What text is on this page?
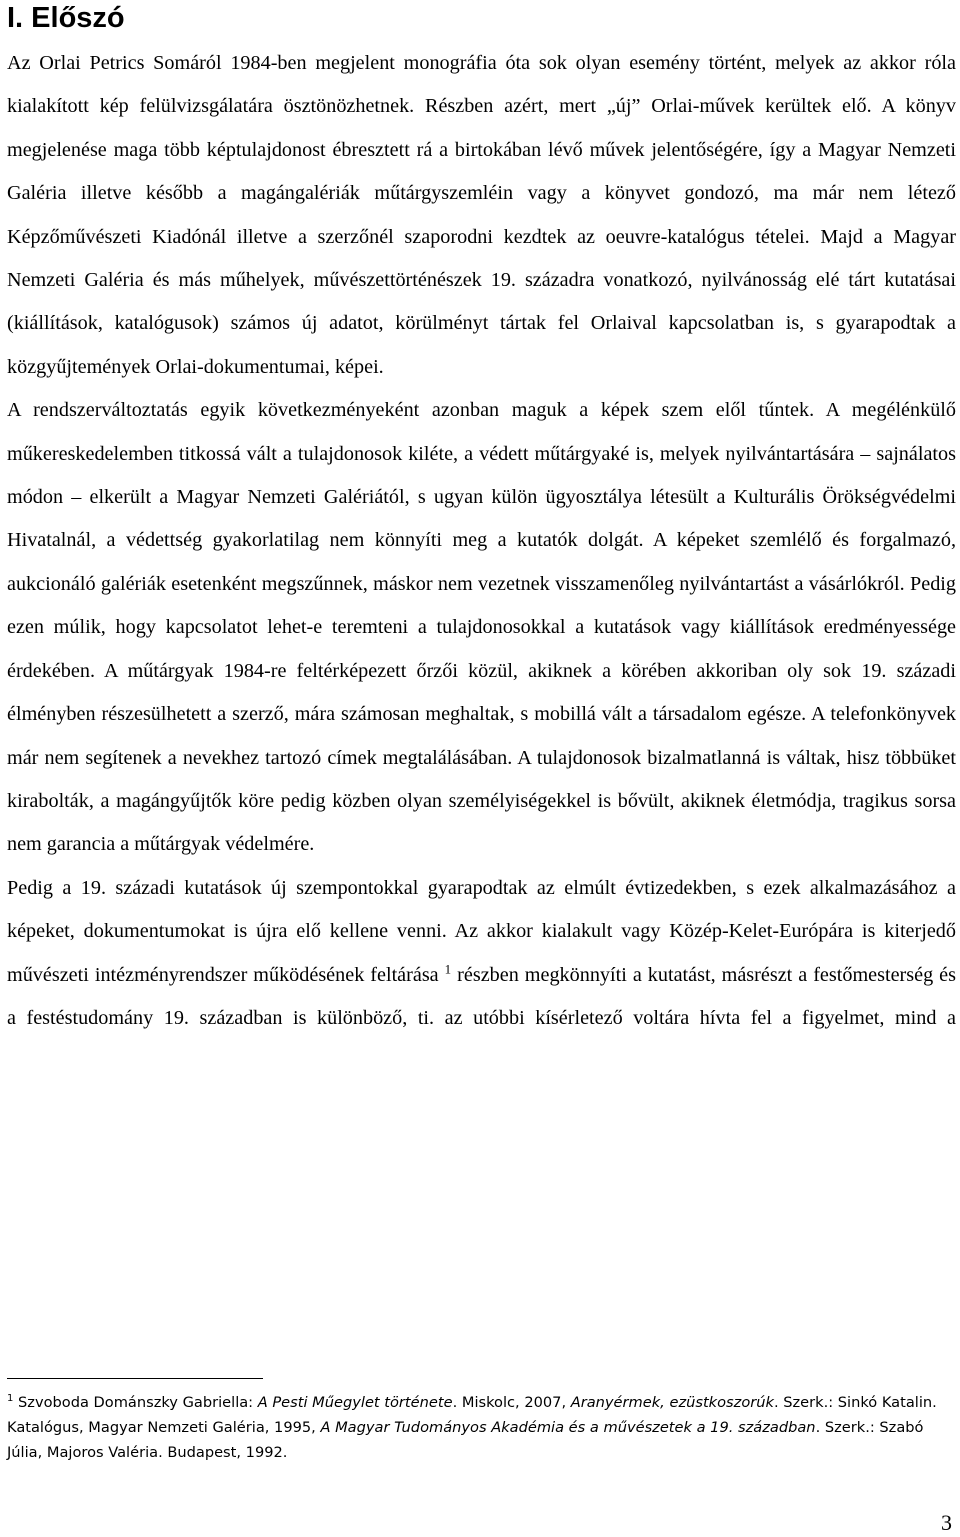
I. Előszó

Az Orlai Petrics Somáról 1984-ben megjelent monográfia óta sok olyan esemény történt, melyek az akkor róla kialakított kép felülvizsgálatára ösztönözhetnek. Részben azért, mert „új” Orlai-művek kerültek elő. A könyv megjelenése maga több képtulajdonost ébresztett rá a birtokában lévő művek jelentőségére, így a Magyar Nemzeti Galéria illetve később a magángalériák műtárgyszemléin vagy a könyvet gondozó, ma már nem létező Képzőművészeti Kiadónál illetve a szerzőnél szaporodni kezdtek az oeuvre-katalógus tételei. Majd a Magyar Nemzeti Galéria és más műhelyek, művészettörténészek 19. századra vonatkozó, nyilvánosság elé tárt kutatásai (kiállítások, katalógusok) számos új adatot, körülményt tártak fel Orlaival kapcsolatban is, s gyarapodtak a közgyűjtemények Orlai-dokumentumai, képei.

A rendszerváltoztatás egyik következményeként azonban maguk a képek szem elől tűntek. A megélénkülő műkereskedelemben titkossá vált a tulajdonosok kiléte, a védett műtárgyaké is, melyek nyilvántartására – sajnálatos módon – elkerült a Magyar Nemzeti Galériától, s ugyan külön ügyosztálya létesült a Kulturális Örökségvédelmi Hivatalnál, a védettség gyakorlatilag nem könnyíti meg a kutatók dolgát. A képeket szemlélő és forgalmazó, aukcionáló galériák esetenként megszűnnek, máskor nem vezetnek visszamenőleg nyilvántartást a vásárlókról. Pedig ezen múlik, hogy kapcsolatot lehet-e teremteni a tulajdonosokkal a kutatások vagy kiállítások eredményessége érdekében. A műtárgyak 1984-re feltérképezett őrzői közül, akiknek a körében akkoriban oly sok 19. századi élményben részesülhetett a szerző, mára számosan meghaltak, s mobillá vált a társadalom egésze. A telefonkönyvek már nem segítenek a nevekhez tartozó címek megtalálásában. A tulajdonosok bizalmatlanná is váltak, hisz többüket kirabolták, a magángyűjtők köre pedig közben olyan személyiségekkel is bővült, akiknek életmódja, tragikus sorsa nem garancia a műtárgyak védelmére.

Pedig a 19. századi kutatások új szempontokkal gyarapodtak az elmúlt évtizedekben, s ezek alkalmazásához a képeket, dokumentumokat is újra elő kellene venni. Az akkor kialakult vagy Közép-Kelet-Európára is kiterjedő művészeti intézményrendszer működésének feltárása $^1$ részben megkönnyíti a kutatást, másrészt a festőmesterség és a festéstudomány 19. században is különböző, ti. az utóbbi kísérletező voltára hívta fel a figyelmet, mind a

$^1$ Szvoboda Dománszky Gabriella: A Pesti Műegylet története. Miskolc, 2007, Aranyérmek, ezüstkoszorúk. Szerk.: Sinkó Katalin. Katalógus, Magyar Nemzeti Galéria, 1995, A Magyar Tudományos Akadémia és a művészetek a 19. században. Szerk.: Szabó Júlia, Majoros Valéria. Budapest, 1992.

3
